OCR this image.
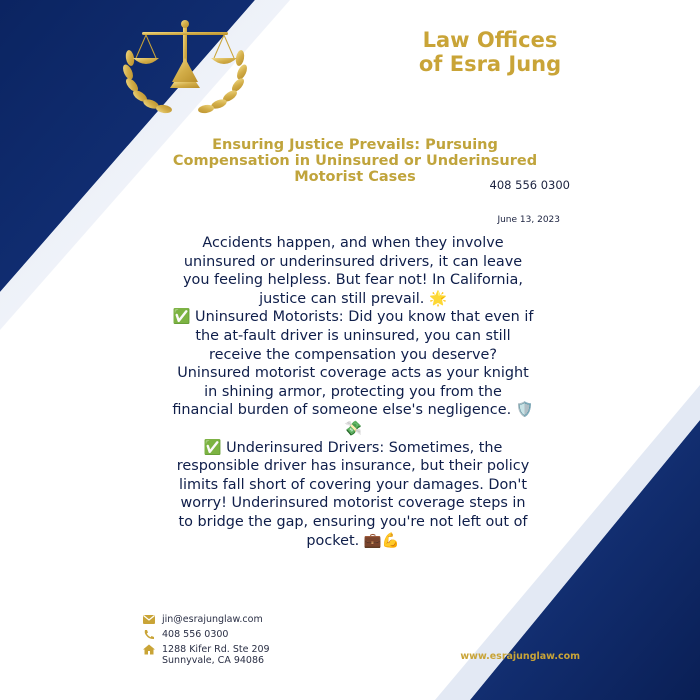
Law Offices
of Esra Jung
Ensuring Justice Prevails: Pursuing
Compensation in Uninsured or Underinsured
Motorist Cases	408 556 0300
June 13, 2023

Accidents happen, and when they involve

uninsured or underinsured drivers, it can leave

you feeling helpless. But fear not! In California,

justice can still prevail. 🌟

✅ Uninsured Motorists: Did you know that even if

the at-fault driver is uninsured, you can still

receive the compensation you deserve?

Uninsured motorist coverage acts as your knight

in shining armor, protecting you from the

financial burden of someone else's negligence. 🛡️

💸

✅ Underinsured Drivers: Sometimes, the

responsible driver has insurance, but their policy

limits fall short of covering your damages. Don't

worry! Underinsured motorist coverage steps in

to bridge the gap, ensuring you're not left out of

pocket. 💼💪

jin@esrajunglaw.com
408 556 0300
1288 Kifer Rd. Ste 209
Sunnyvale, CA 94086	www.esrajunglaw.com
